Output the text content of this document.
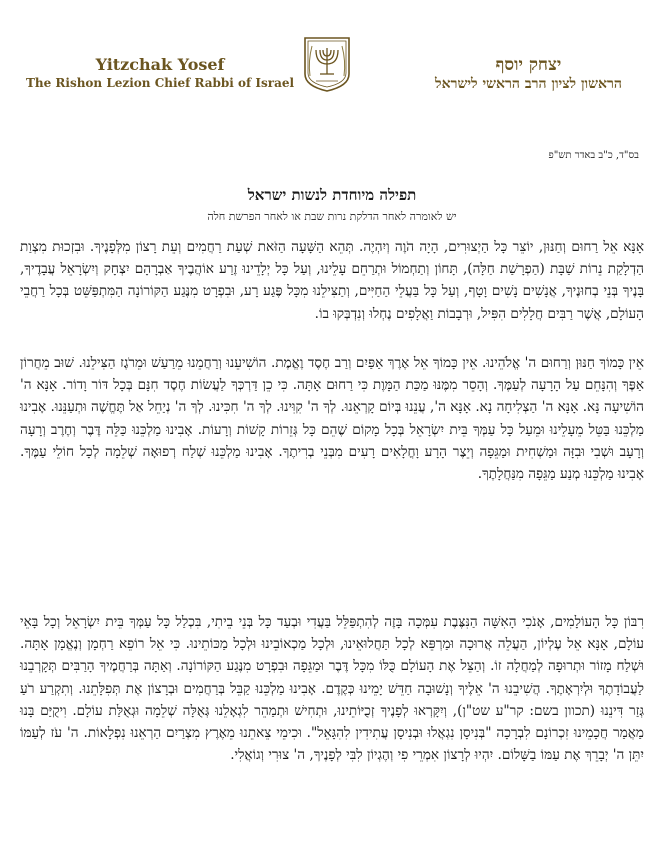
Yitzchak Yosef
The Rishon Lezion Chief Rabbi of Israel
יצחק יוסף
הראשון לציון הרב הראשי לישראל
בס"ד, כ"ב באדר תש"פ
תפילה מיוחדת לנשות ישראל
יש לאומרה לאחר הדלקת נרות שבת או לאחר הפרשת חלה
אָנָּא אֵל רַחוּם וְחַנּוּן, יוֹצֵר כָּל הַיְצוּרִים, הָיָה הֹוֶה וְיִהְיֶה. תְּהֵא הַשָּׁעָה הַזֹּאת שְׁעַת רַחֲמִים וְעֵת רָצוֹן מִלְּפָנֶיךָ. וּבִזְכוּת מִצְוַת הַדְלָקַת נֵרוֹת שַׁבָּת (הַפְרָשַׁת חַלָּה), תָּחוֹן וְתַחְמוֹל וּתְרַחֵם עָלֵינוּ, וְעַל כָּל יְלָדֵינוּ זֶרַע אוֹהֲבֶיךָ אַבְרָהָם יִצְחָק וְיִשְׂרָאֵל עֲבָדֶיךָ, בָּנֶיךָ בְּנֵי בְחוּנֶיךָ, אֲנָשִׁים נָשִׁים וָטָף, וְעַל כָּל בַּעֲלֵי הַחַיִּים, וְתַצִּילֵנוּ מִכָּל פֶּגַע רָע, וּבִפְרָט מִנֶּגַע הַקּוֹרוֹנָה הַמִּתְפַּשֵּׁט בְּכָל רַחֲבֵי הָעוֹלָם, אֲשֶׁר רַבִּים חֲלָלִים הִפִּיל, וּרְבָבוֹת וַאֲלָפִים נֶחְלוּ וְנִדְבְּקוּ בוֹ.
אֵין כָּמוֹךָ חַנּוּן וְרַחוּם ה' אֱלֹהֵינוּ. אֵין כָּמוֹךָ אֵל אֶרֶךְ אַפַּיִם וְרַב חֶסֶד וֶאֱמֶת. הוֹשִׁיעֵנוּ וְרַחֲמֵנוּ מֵרַעַשׁ וּמֵרֹגֶז הַצִּילֵנוּ. שׁוּב מֵחֲרוֹן אַפֶּךָ וְהִנָּחֵם עַל הָרָעָה לְעַמֶּךָ. וְהָסֵר מִמֶּנּוּ מַכַּת הַמָּוֶת כִּי רַחוּם אָתָּה. כִּי כֵן דַּרְכְּךָ לַעֲשׂוֹת חֶסֶד חִנָּם בְּכָל דּוֹר וָדוֹר. אָנָּא ה' הוֹשִׁיעָה נָּא. אָנָּא ה' הַצְלִיחָה נָא. אָנָּא ה', עֲנֵנוּ בְּיוֹם קָרְאֵנוּ. לְךָ ה' קִוִּינוּ. לְךָ ה' חִכִּינוּ. לְךָ ה' נְיַחֵל אַל תֶּחֱשֶׁה וּתְעַנֵּנוּ. אָבִינוּ מַלְכֵּנוּ בַּטֵּל מֵעָלֵינוּ וּמֵעַל כָּל עַמְּךָ בֵּית יִשְׂרָאֵל בְּכָל מָקוֹם שֶׁהֵם כָּל גְּזֵרוֹת קָשׁוֹת וְרָעוֹת. אָבִינוּ מַלְכֵּנוּ כַּלֵּה דֶּבֶר וְחֶרֶב וְרָעָה וְרָעָב וּשְׁבִי וּבִזָּה וּמַשְׁחִית וּמַגֵּפָה וְיֵצֶר הָרָע וָחֳלָאִים רָעִים מִבְּנֵי בְרִיתֶךָ. אָבִינוּ מַלְכֵּנוּ שְׁלַח רְפוּאָה שְׁלֵמָה לְכָל חוֹלֵי עַמֶּךָ. אָבִינוּ מַלְכֵּנוּ מְנַע מַגֵּפָה מִנַּחֲלָתֶךָ.
רִבּוֹן כָּל הָעוֹלָמִים, אָנֹכִי הָאִשָּׁה הַנִּצֶּבֶת עִמְּכָה בָּזֶה לְהִתְפַּלֵּל בַּעֲדִי וּבְעַד כָּל בְּנֵי בֵיתִי, בִּכְלַל כָּל עַמְּךָ בֵּית יִשְׂרָאֵל וְכָל בָּאֵי עוֹלָם, אָנָּא אֵל עֶלְיוֹן, הַעֲלֵה אֲרוּכָה וּמַרְפֵּא לְכָל תַּחֲלוּאֵינוּ, וּלְכָל מַכְאוֹבֵינוּ וּלְכָל מַכּוֹתֵינוּ. כִּי אֵל רוֹפֵא רַחְמָן וְנֶאֱמָן אָתָּה. וּשְׁלַח מָזוֹר וּתְרוּפָה לְמַחֲלָה זוֹ. וְהַצֵּל אֶת הָעוֹלָם כֻּלּוֹ מִכָּל דֶּבֶר וּמַגֵּפָה וּבִפְרָט מִנֶּגַע הַקּוֹרוֹנָה. וְאַתָּה בְּרַחֲמֶיךָ הָרַבִּים תְּקָרְבֵנוּ לַעֲבוֹדָתֶךָ וּלְיִרְאָתֶךָ. הֲשִׁיבֵנוּ ה' אֵלֶיךָ וְנָשׁוּבָה חַדֵּשׁ יָמֵינוּ כְּקֶדֶם. אָבִינוּ מַלְכֵּנוּ קַבֵּל בְּרַחֲמִים וּבְרָצוֹן אֶת תְּפִלָּתֵנוּ. וְתִקְרַע רֹעַ גְּזַר דִּינֵנוּ (תכוון בשם: קר"ע שט"ן), וְיִקָּרְאוּ לְפָנֶיךָ זְכֻיּוֹתֵינוּ, וּתְחִישׁ וּתְמַהֵר לִגְאָלֵנוּ גְּאֻלָּה שְׁלֵמָה וּגְאֻלַּת עוֹלָם. וִיקֻיַּם בָּנוּ מַאֲמַר חֲכָמֵינוּ זִכְרוֹנָם לִבְרָכָה "בְּנִיסָן נִגְאֲלוּ וּבְנִיסָן עֲתִידִין לִהִגָּאֵל". וּכִימֵי צֵאתֵנוּ מֵאֶרֶץ מִצְרַיִם הַרְאֵנוּ נִפְלָאוֹת. ה' עֹז לְעַמּוֹ יִתֵּן ה' יְבָרֵךְ אֶת עַמּוֹ בַשָּׁלוֹם. יִהְיוּ לְרָצוֹן אִמְרֵי פִי וְהֶגְיוֹן לִבִּי לְפָנֶיךָ, ה' צוּרִי וְגוֹאֲלִי.
